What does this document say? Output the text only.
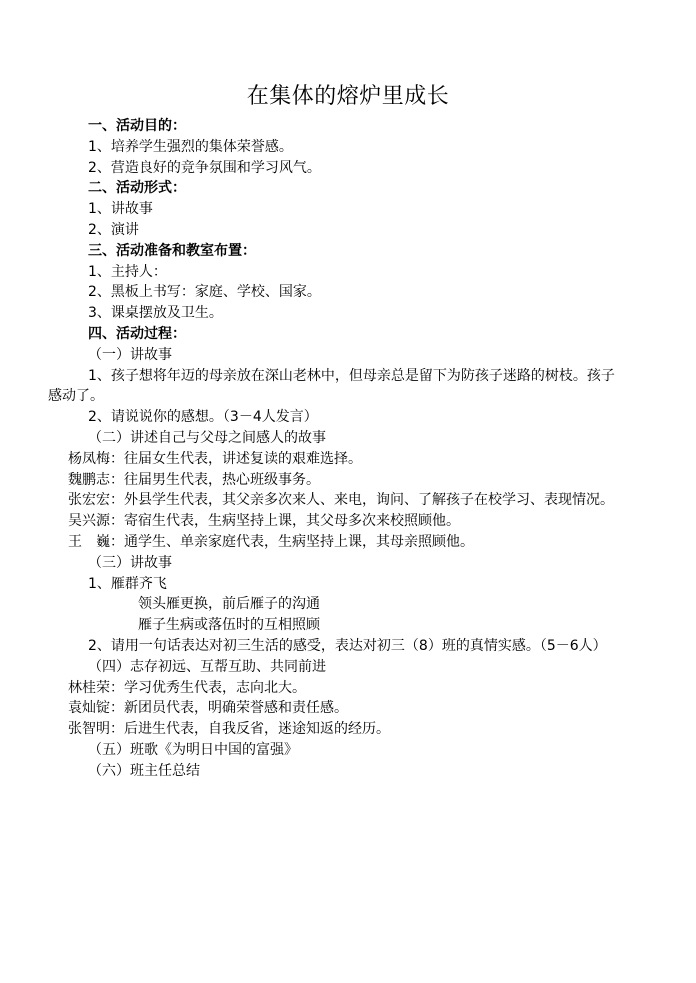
在集体的熔炉里成长

一、活动目的：

1、培养学生强烈的集体荣誉感。

2、营造良好的竞争氛围和学习风气。

二、活动形式：

1、讲故事

2、演讲

三、活动准备和教室布置：

1、主持人：

2、黑板上书写：家庭、学校、国家。

3、课桌摆放及卫生。

四、活动过程：

（一）讲故事

1、孩子想将年迈的母亲放在深山老林中，但母亲总是留下为防孩子迷路的树枝。孩子感动了。

2、请说说你的感想。（3－4人发言）

（二）讲述自己与父母之间感人的故事

杨凤梅：往届女生代表，讲述复读的艰难选择。

魏鹏志：往届男生代表，热心班级事务。

张宏宏：外县学生代表，其父亲多次来人、来电，询问、了解孩子在校学习、表现情况。

吴兴源：寄宿生代表，生病坚持上课，其父母多次来校照顾他。

王　巍：通学生、单亲家庭代表，生病坚持上课，其母亲照顾他。

（三）讲故事

1、雁群齐飞

领头雁更换，前后雁子的沟通

雁子生病或落伍时的互相照顾

2、请用一句话表达对初三生活的感受，表达对初三（8）班的真情实感。（5－6人）

（四）志存初远、互帮互助、共同前进

林桂荣：学习优秀生代表，志向北大。

袁灿锭：新团员代表，明确荣誉感和责任感。

张智明：后进生代表，自我反省，迷途知返的经历。

（五）班歌《为明日中国的富强》

（六）班主任总结
